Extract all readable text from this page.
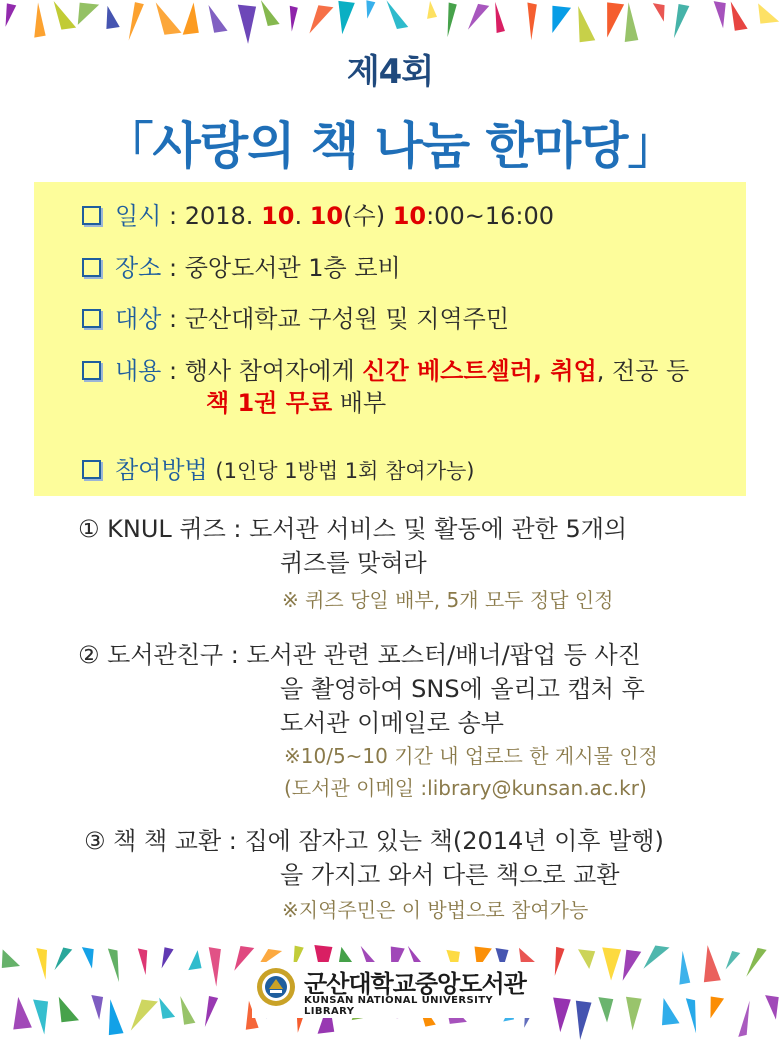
제4회
「사랑의 책 나눔 한마당」
일시 : 2018. 10. 10(수) 10:00~16:00
장소 : 중앙도서관 1층 로비
대상 : 군산대학교 구성원 및 지역주민
내용 : 행사 참여자에게 신간 베스트셀러, 취업, 전공 등
책 1권 무료 배부
참여방법 (1인당 1방법 1회 참여가능)
① KNUL 퀴즈 : 도서관 서비스 및 활동에 관한 5개의
퀴즈를 맞혀라
※ 퀴즈 당일 배부, 5개 모두 정답 인정
② 도서관친구 : 도서관 관련 포스터/배너/팝업 등 사진
을 촬영하여 SNS에 올리고 캡처 후
도서관 이메일로 송부
※10/5~10 기간 내 업로드 한 게시물 인정
(도서관 이메일 :library@kunsan.ac.kr)
③ 책 책 교환 : 집에 잠자고 있는 책(2014년 이후 발행)
을 가지고 와서 다른 책으로 교환
※지역주민은 이 방법으로 참여가능
군산대학교중앙도서관
KUNSAN NATIONAL UNIVERSITY LIBRARY
